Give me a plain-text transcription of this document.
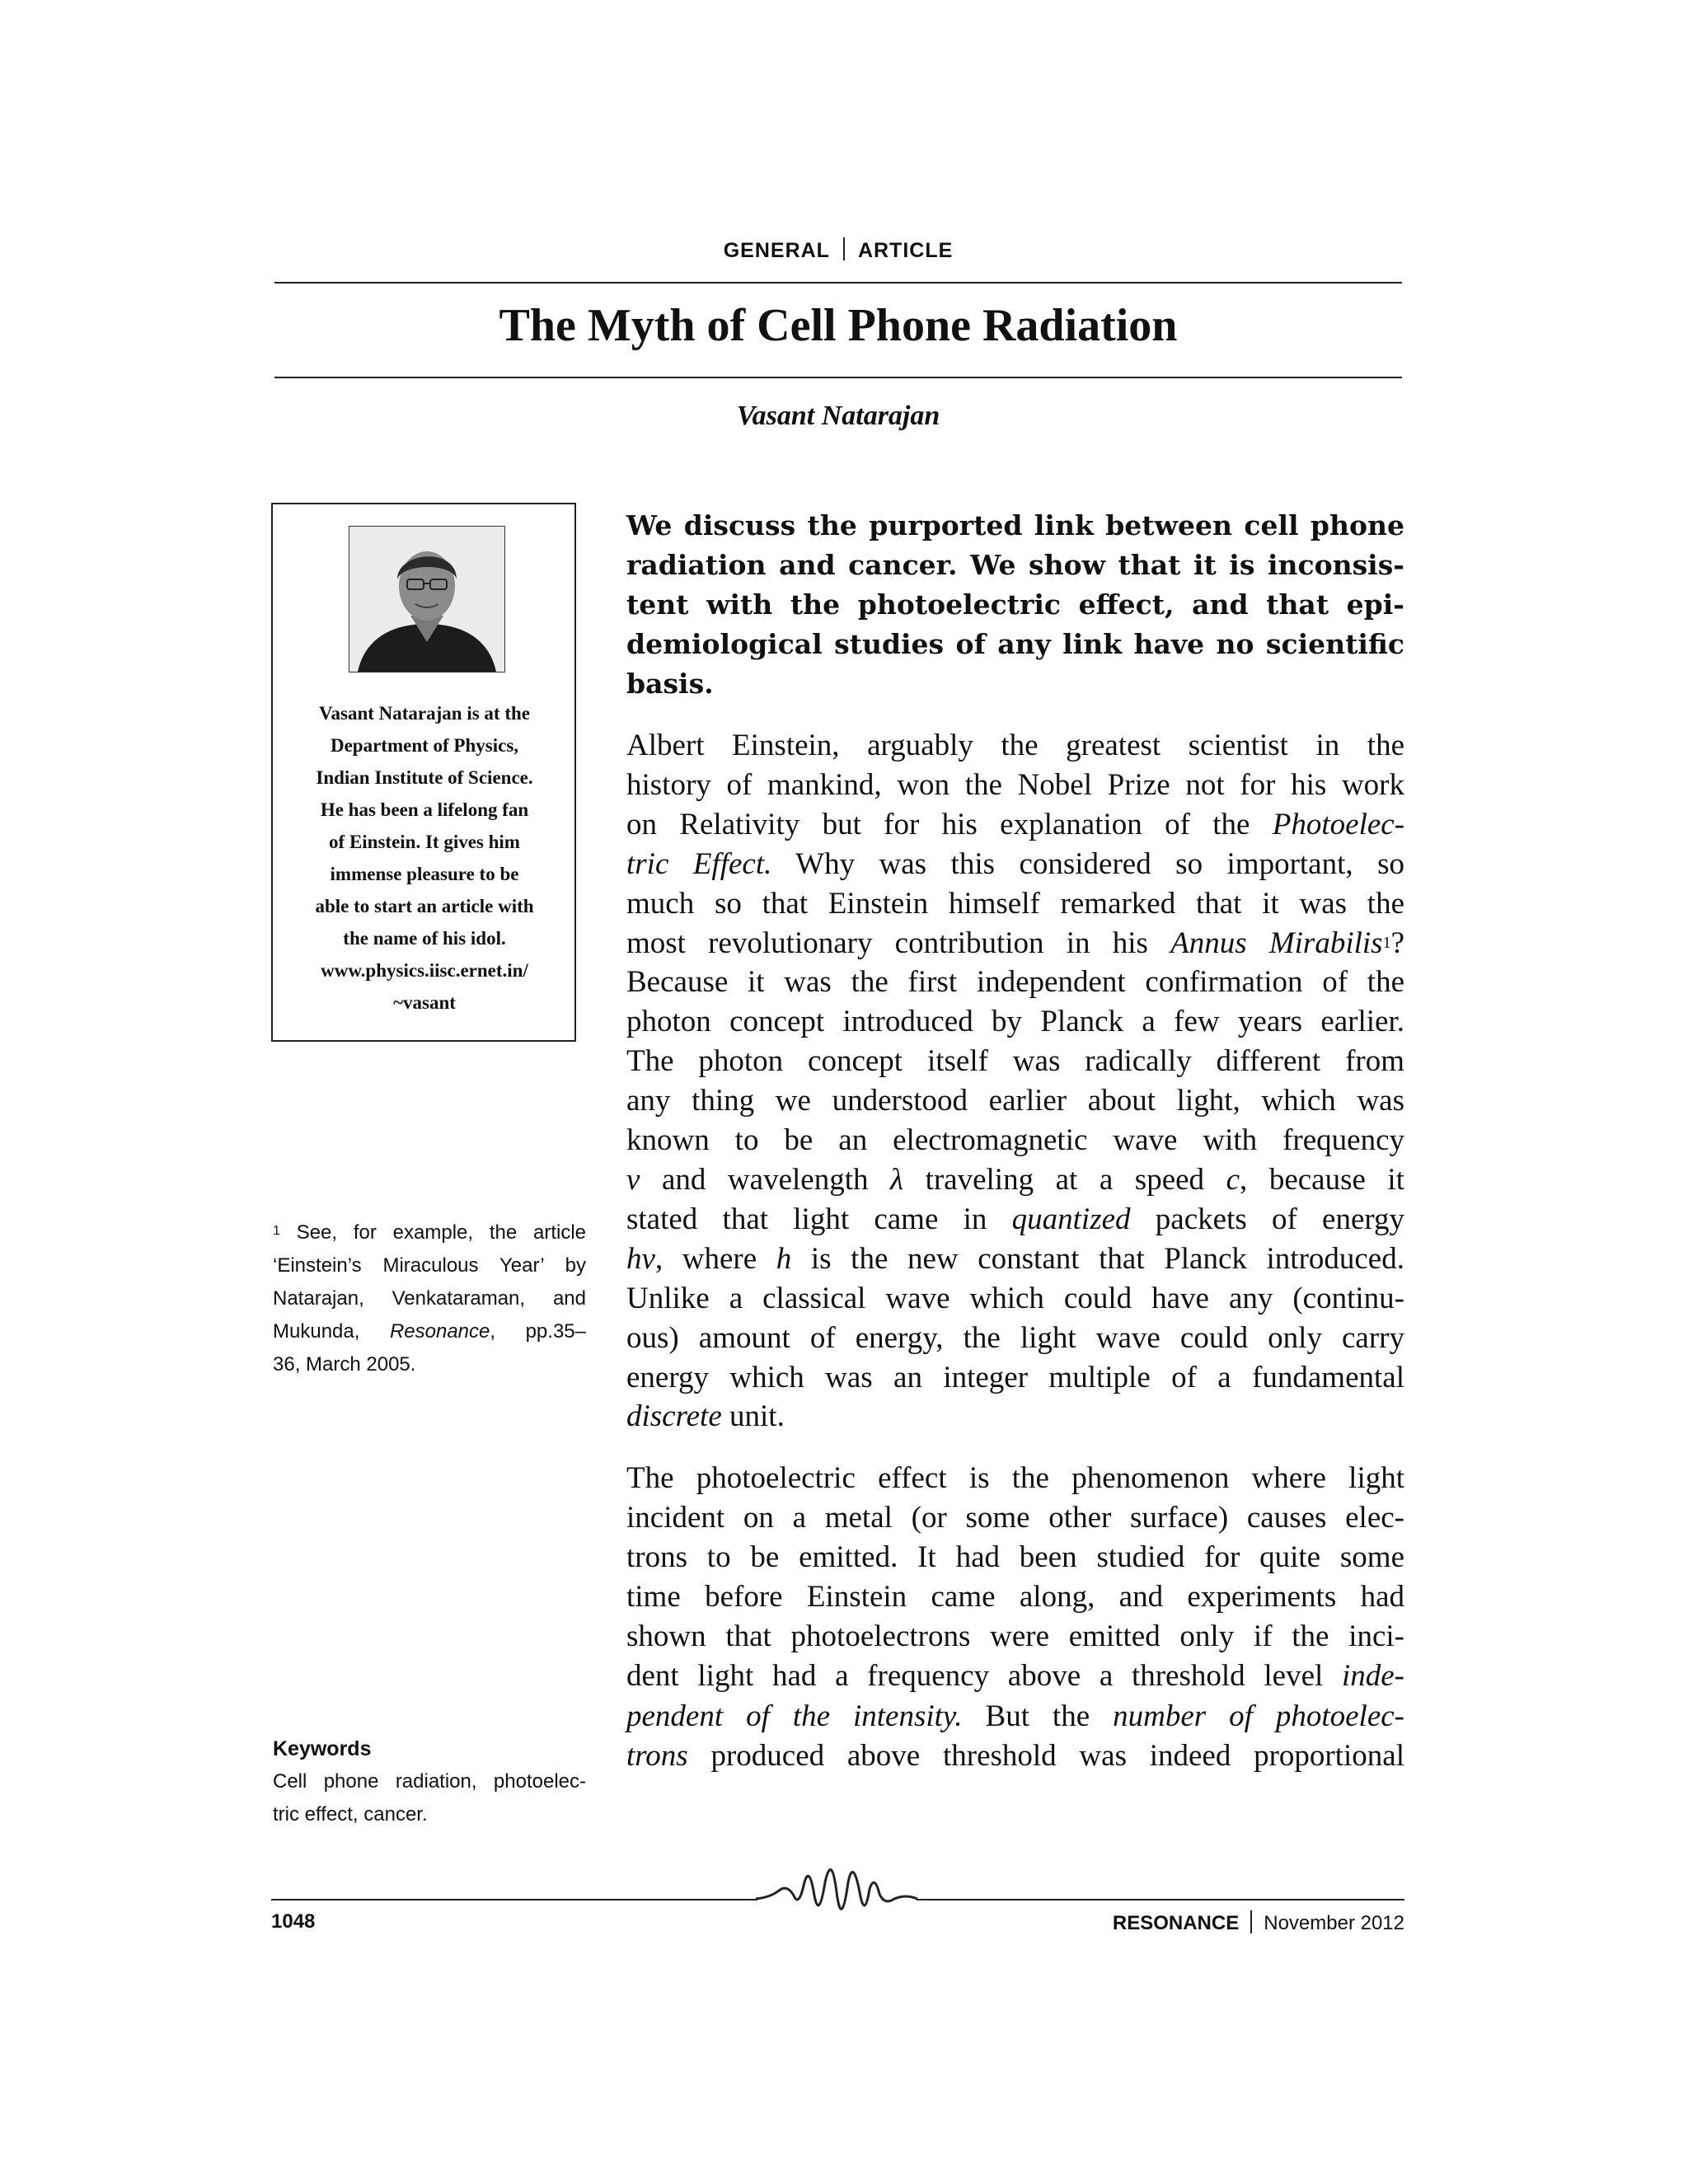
GENERAL ARTICLE
The Myth of Cell Phone Radiation
Vasant Natarajan
Vasant Natarajan is at the
Department of Physics,
Indian Institute of Science.
He has been a lifelong fan
of Einstein. It gives him
immense pleasure to be
able to start an article with
the name of his idol.
www.physics.iisc.ernet.in/
~vasant
$^1$ See, for example, the article
‘Einstein’s Miraculous Year’ by
Natarajan, Venkataraman, and
Mukunda, Resonance, pp.35–
36, March 2005.
Keywords
Cell phone radiation, photoelec-
tric effect, cancer.
We discuss the purported link between cell phone
radiation and cancer. We show that it is inconsis-
tent with the photoelectric effect, and that epi-
demiological studies of any link have no scientific
basis.
Albert Einstein, arguably the greatest scientist in the
history of mankind, won the Nobel Prize not for his work
on Relativity but for his explanation of the Photoelec-
tric Effect. Why was this considered so important, so
much so that Einstein himself remarked that it was the
most revolutionary contribution in his Annus Mirabilis$^1$?
Because it was the first independent confirmation of the
photon concept introduced by Planck a few years earlier.
The photon concept itself was radically different from
any thing we understood earlier about light, which was
known to be an electromagnetic wave with frequency
ν and wavelength λ traveling at a speed c, because it
stated that light came in quantized packets of energy
hν, where h is the new constant that Planck introduced.
Unlike a classical wave which could have any (continu-
ous) amount of energy, the light wave could only carry
energy which was an integer multiple of a fundamental
discrete unit.
The photoelectric effect is the phenomenon where light
incident on a metal (or some other surface) causes elec-
trons to be emitted. It had been studied for quite some
time before Einstein came along, and experiments had
shown that photoelectrons were emitted only if the inci-
dent light had a frequency above a threshold level inde-
pendent of the intensity. But the number of photoelec-
trons produced above threshold was indeed proportional
1048	RESONANCE November 2012
